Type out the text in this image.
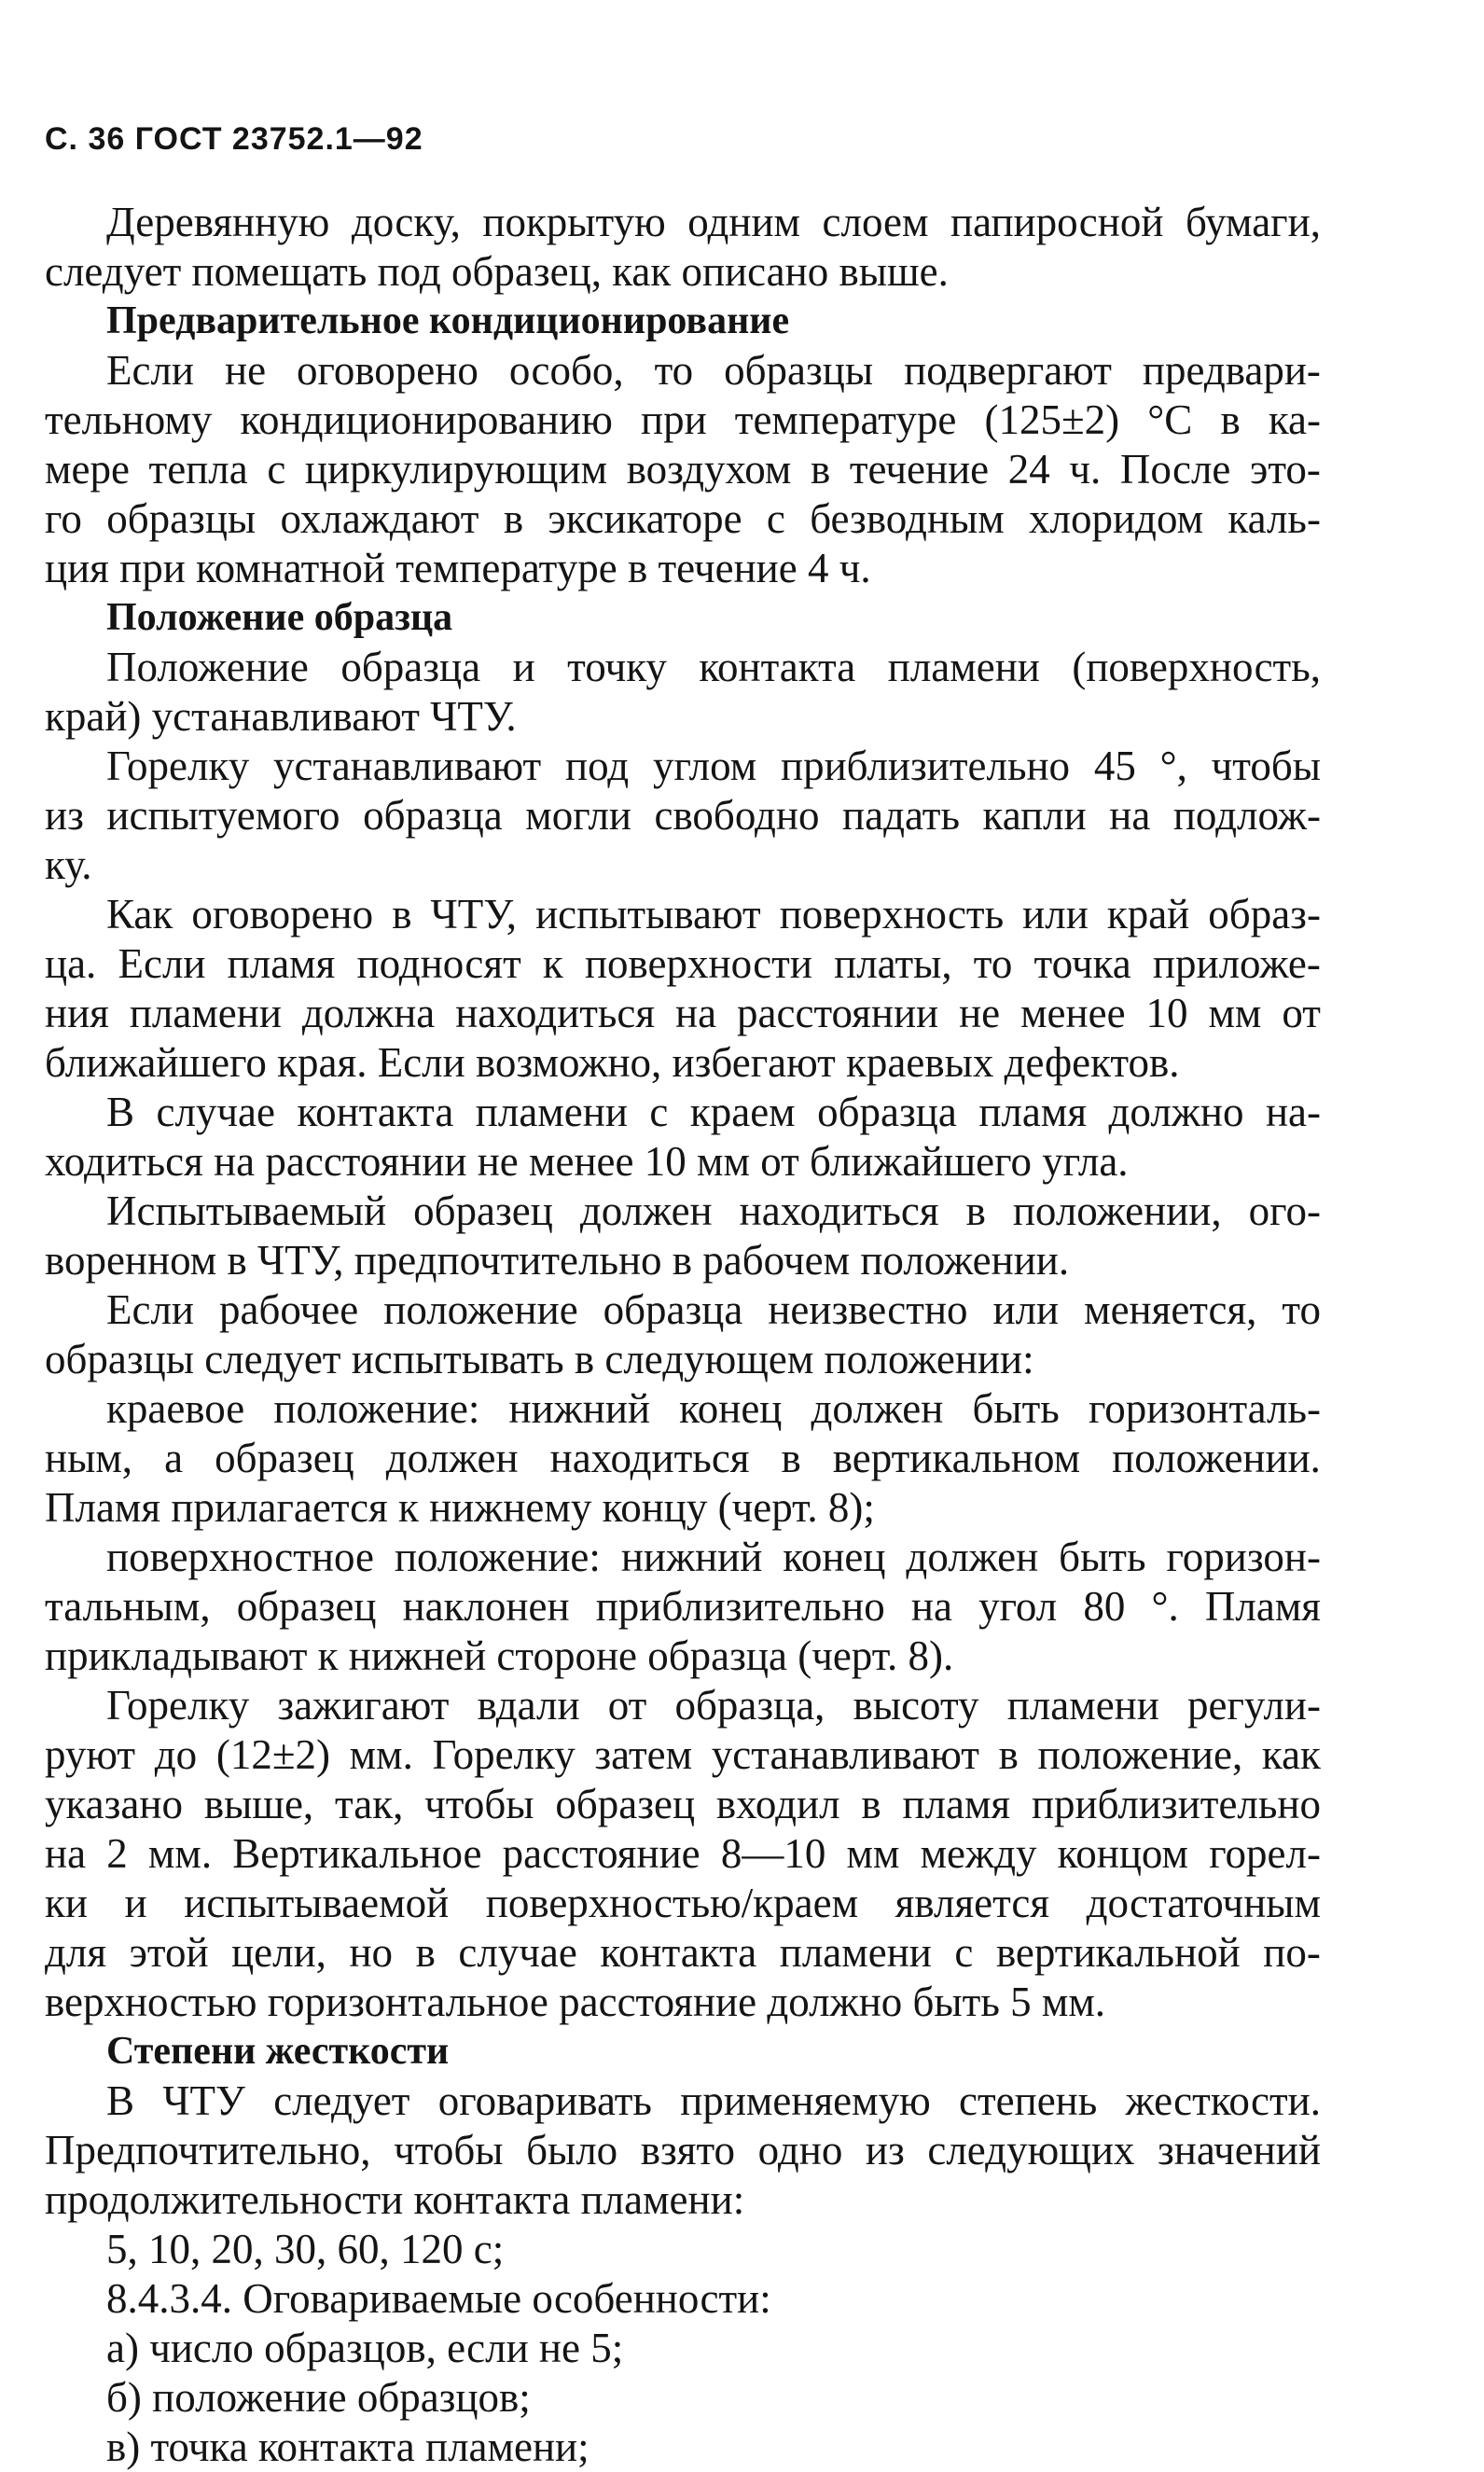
С. 36 ГОСТ 23752.1—92
Деревянную доску, покрытую одним слоем папиросной бумаги,
следует помещать под образец, как описано выше.
Предварительное кондиционирование
Если не оговорено особо, то образцы подвергают предвари-
тельному кондиционированию при температуре (125±2) °С в ка-
мере тепла с циркулирующим воздухом в течение 24 ч. После это-
го образцы охлаждают в эксикаторе с безводным хлоридом каль-
ция при комнатной температуре в течение 4 ч.
Положение образца
Положение образца и точку контакта пламени (поверхность,
край) устанавливают ЧТУ.
Горелку устанавливают под углом приблизительно 45 °, чтобы
из испытуемого образца могли свободно падать капли на подлож-
ку.
Как оговорено в ЧТУ, испытывают поверхность или край образ-
ца. Если пламя подносят к поверхности платы, то точка приложе-
ния пламени должна находиться на расстоянии не менее 10 мм от
ближайшего края. Если возможно, избегают краевых дефектов.
В случае контакта пламени с краем образца пламя должно на-
ходиться на расстоянии не менее 10 мм от ближайшего угла.
Испытываемый образец должен находиться в положении, ого-
воренном в ЧТУ, предпочтительно в рабочем положении.
Если рабочее положение образца неизвестно или меняется, то
образцы следует испытывать в следующем положении:
краевое положение: нижний конец должен быть горизонталь-
ным, а образец должен находиться в вертикальном положении.
Пламя прилагается к нижнему концу (черт. 8);
поверхностное положение: нижний конец должен быть горизон-
тальным, образец наклонен приблизительно на угол 80 °. Пламя
прикладывают к нижней стороне образца (черт. 8).
Горелку зажигают вдали от образца, высоту пламени регули-
руют до (12±2) мм. Горелку затем устанавливают в положение, как
указано выше, так, чтобы образец входил в пламя приблизительно
на 2 мм. Вертикальное расстояние 8—10 мм между концом горел-
ки и испытываемой поверхностью/краем является достаточным
для этой цели, но в случае контакта пламени с вертикальной по-
верхностью горизонтальное расстояние должно быть 5 мм.
Степени жесткости
В ЧТУ следует оговаривать применяемую степень жесткости.
Предпочтительно, чтобы было взято одно из следующих значений
продолжительности контакта пламени:
5, 10, 20, 30, 60, 120 с;
8.4.3.4. Оговариваемые особенности:
а) число образцов, если не 5;
б) положение образцов;
в) точка контакта пламени;
